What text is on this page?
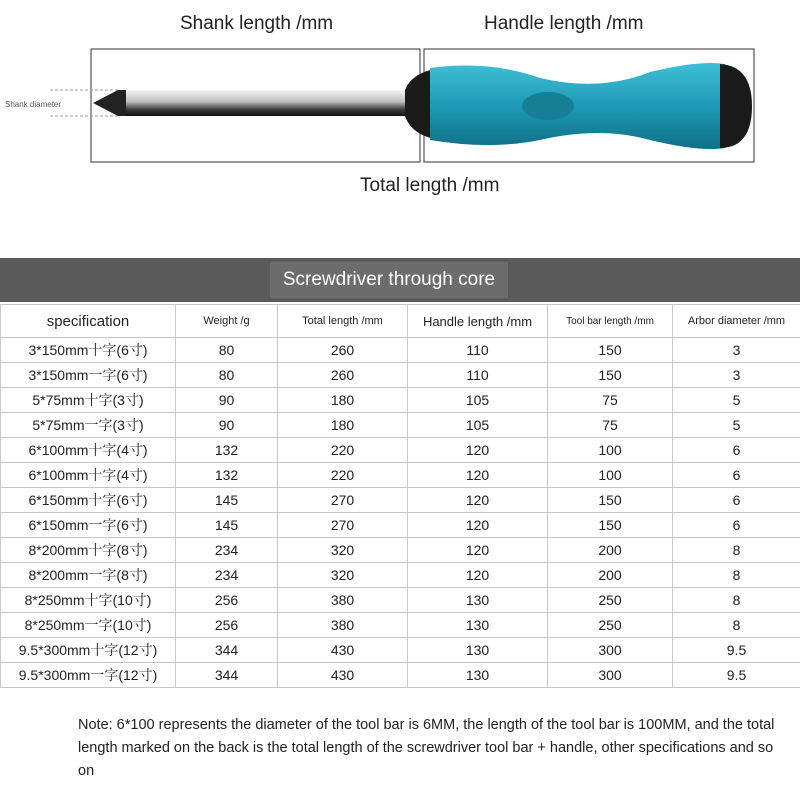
Shank length /mm	Handle length /mm
Shank diameter
Total length /mm
Screwdriver through core
specification	Weight /g	Total length /mm	Handle length /mm	Tool bar length /mm	Arbor diameter /mm
3*150mm十字(6寸)	80	260	110	150	3
3*150mm一字(6寸)	80	260	110	150	3
5*75mm十字(3寸)	90	180	105	75	5
5*75mm一字(3寸)	90	180	105	75	5
6*100mm十字(4寸)	132	220	120	100	6
6*100mm十字(4寸)	132	220	120	100	6
6*150mm十字(6寸)	145	270	120	150	6
6*150mm一字(6寸)	145	270	120	150	6
8*200mm十字(8寸)	234	320	120	200	8
8*200mm一字(8寸)	234	320	120	200	8
8*250mm十字(10寸)	256	380	130	250	8
8*250mm一字(10寸)	256	380	130	250	8
9.5*300mm十字(12寸)	344	430	130	300	9.5
9.5*300mm一字(12寸)	344	430	130	300	9.5
Note: 6*100 represents the diameter of the tool bar is 6MM, the length of the tool bar is 100MM, and the total length marked on the back is the total length of the screwdriver tool bar + handle, other specifications and so on
